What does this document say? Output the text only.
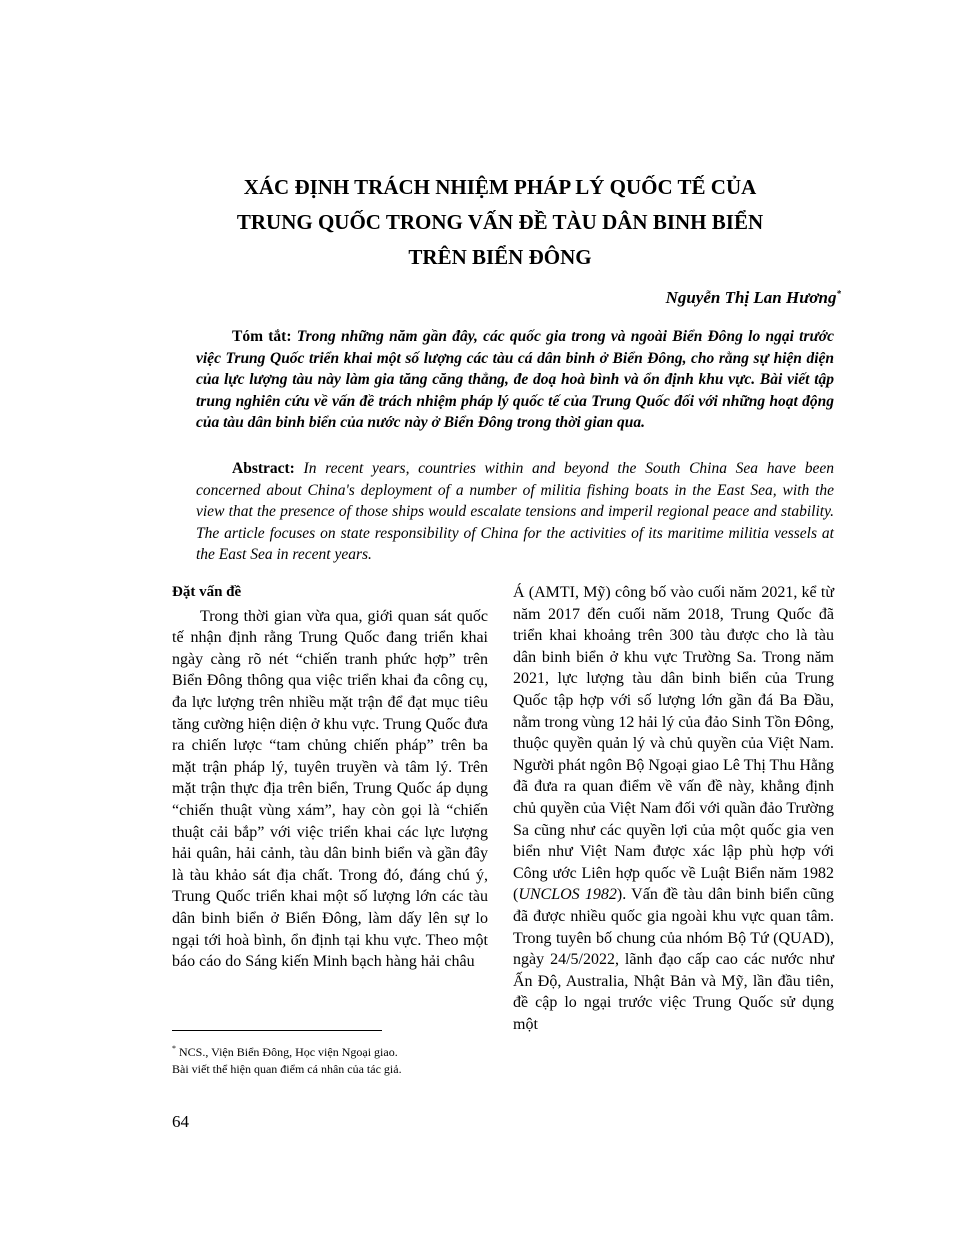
XÁC ĐỊNH TRÁCH NHIỆM PHÁP LÝ QUỐC TẾ CỦA
TRUNG QUỐC TRONG VẤN ĐỀ TÀU DÂN BINH BIỂN
TRÊN BIỂN ĐÔNG
Nguyễn Thị Lan Hương*

Tóm tắt: Trong những năm gần đây, các quốc gia trong và ngoài Biển Đông lo ngại trước việc Trung Quốc triển khai một số lượng các tàu cá dân binh ở Biển Đông, cho rằng sự hiện diện của lực lượng tàu này làm gia tăng căng thẳng, đe doạ hoà bình và ổn định khu vực. Bài viết tập trung nghiên cứu về vấn đề trách nhiệm pháp lý quốc tế của Trung Quốc đối với những hoạt động của tàu dân binh biển của nước này ở Biển Đông trong thời gian qua.

Abstract: In recent years, countries within and beyond the South China Sea have been concerned about China's deployment of a number of militia fishing boats in the East Sea, with the view that the presence of those ships would escalate tensions and imperil regional peace and stability. The article focuses on state responsibility of China for the activities of its maritime militia vessels at the East Sea in recent years.

Đặt vấn đề

Trong thời gian vừa qua, giới quan sát quốc tế nhận định rằng Trung Quốc đang triển khai ngày càng rõ nét “chiến tranh phức hợp” trên Biển Đông thông qua việc triển khai đa công cụ, đa lực lượng trên nhiều mặt trận để đạt mục tiêu tăng cường hiện diện ở khu vực. Trung Quốc đưa ra chiến lược “tam chủng chiến pháp” trên ba mặt trận pháp lý, tuyên truyền và tâm lý. Trên mặt trận thực địa trên biển, Trung Quốc áp dụng “chiến thuật vùng xám”, hay còn gọi là “chiến thuật cải bắp” với việc triển khai các lực lượng hải quân, hải cảnh, tàu dân binh biển và gần đây là tàu khảo sát địa chất. Trong đó, đáng chú ý, Trung Quốc triển khai một số lượng lớn các tàu dân binh biển ở Biển Đông, làm dấy lên sự lo ngại tới hoà bình, ổn định tại khu vực. Theo một báo cáo do Sáng kiến Minh bạch hàng hải châu

Á (AMTI, Mỹ) công bố vào cuối năm 2021, kể từ năm 2017 đến cuối năm 2018, Trung Quốc đã triển khai khoảng trên 300 tàu được cho là tàu dân binh biển ở khu vực Trường Sa. Trong năm 2021, lực lượng tàu dân binh biển của Trung Quốc tập hợp với số lượng lớn gần đá Ba Đầu, nằm trong vùng 12 hải lý của đảo Sinh Tồn Đông, thuộc quyền quản lý và chủ quyền của Việt Nam. Người phát ngôn Bộ Ngoại giao Lê Thị Thu Hằng đã đưa ra quan điểm về vấn đề này, khẳng định chủ quyền của Việt Nam đối với quần đảo Trường Sa cũng như các quyền lợi của một quốc gia ven biển như Việt Nam được xác lập phù hợp với Công ước Liên hợp quốc về Luật Biển năm 1982 (UNCLOS 1982). Vấn đề tàu dân binh biển cũng đã được nhiều quốc gia ngoài khu vực quan tâm. Trong tuyên bố chung của nhóm Bộ Tứ (QUAD), ngày 24/5/2022, lãnh đạo cấp cao các nước như Ấn Độ, Australia, Nhật Bản và Mỹ, lần đầu tiên, đề cập lo ngại trước việc Trung Quốc sử dụng một

* NCS., Viện Biển Đông, Học viện Ngoại giao.

Bài viết thể hiện quan điểm cá nhân của tác giả.

64
